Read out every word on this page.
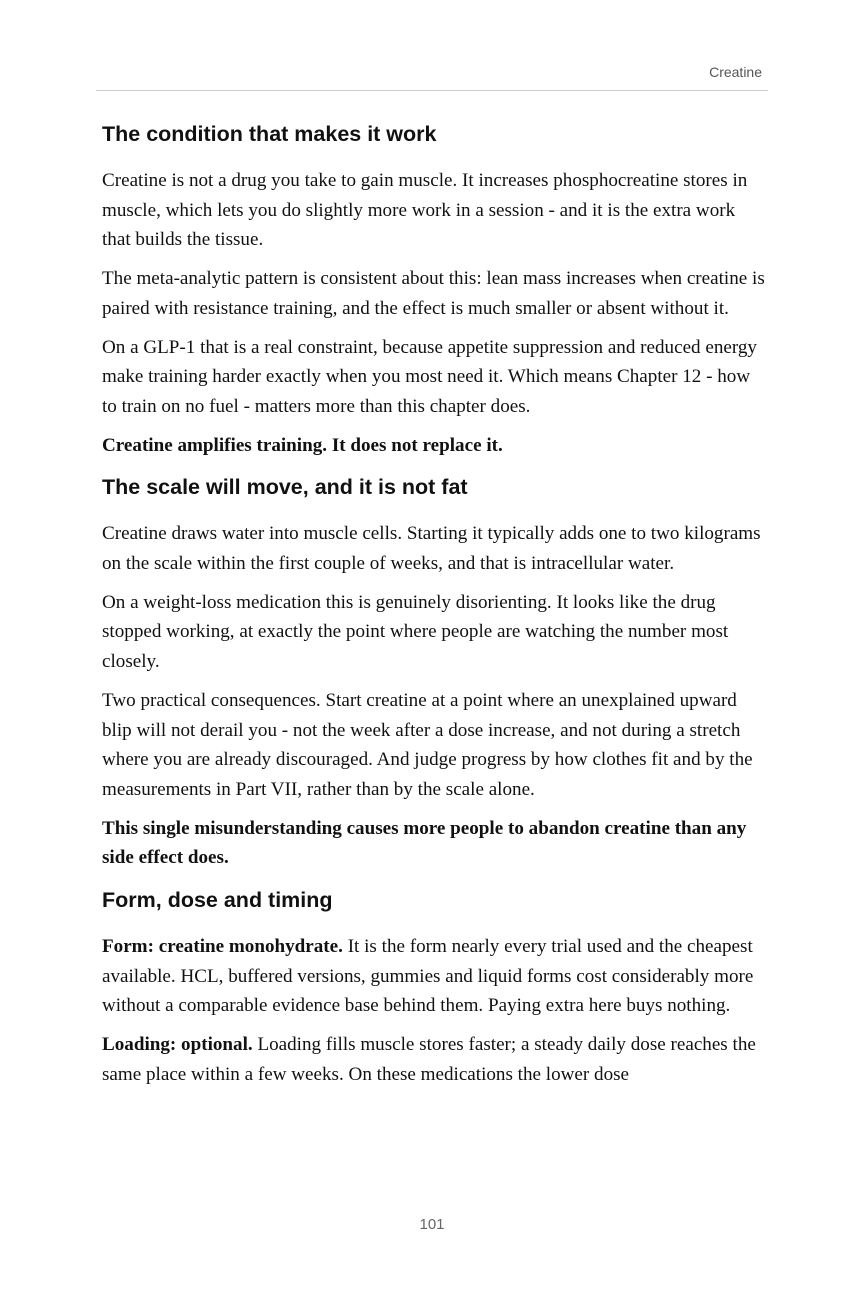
Creatine
The condition that makes it work

Creatine is not a drug you take to gain muscle. It increases phosphocreatine stores in muscle, which lets you do slightly more work in a session - and it is the extra work that builds the tissue.

The meta-analytic pattern is consistent about this: lean mass increases when creatine is paired with resistance training, and the effect is much smaller or absent without it.

On a GLP-1 that is a real constraint, because appetite suppression and reduced energy make training harder exactly when you most need it. Which means Chapter 12 - how to train on no fuel - matters more than this chapter does.

Creatine amplifies training. It does not replace it.

The scale will move, and it is not fat

Creatine draws water into muscle cells. Starting it typically adds one to two kilograms on the scale within the first couple of weeks, and that is intracellular water.

On a weight-loss medication this is genuinely disorienting. It looks like the drug stopped working, at exactly the point where people are watching the number most closely.

Two practical consequences. Start creatine at a point where an unexplained upward blip will not derail you - not the week after a dose increase, and not during a stretch where you are already discouraged. And judge progress by how clothes fit and by the measurements in Part VII, rather than by the scale alone.

This single misunderstanding causes more people to abandon creatine than any side effect does.

Form, dose and timing

Form: creatine monohydrate. It is the form nearly every trial used and the cheapest available. HCL, buffered versions, gummies and liquid forms cost considerably more without a comparable evidence base behind them. Paying extra here buys nothing.

Loading: optional. Loading fills muscle stores faster; a steady daily dose reaches the same place within a few weeks. On these medications the lower dose

101
